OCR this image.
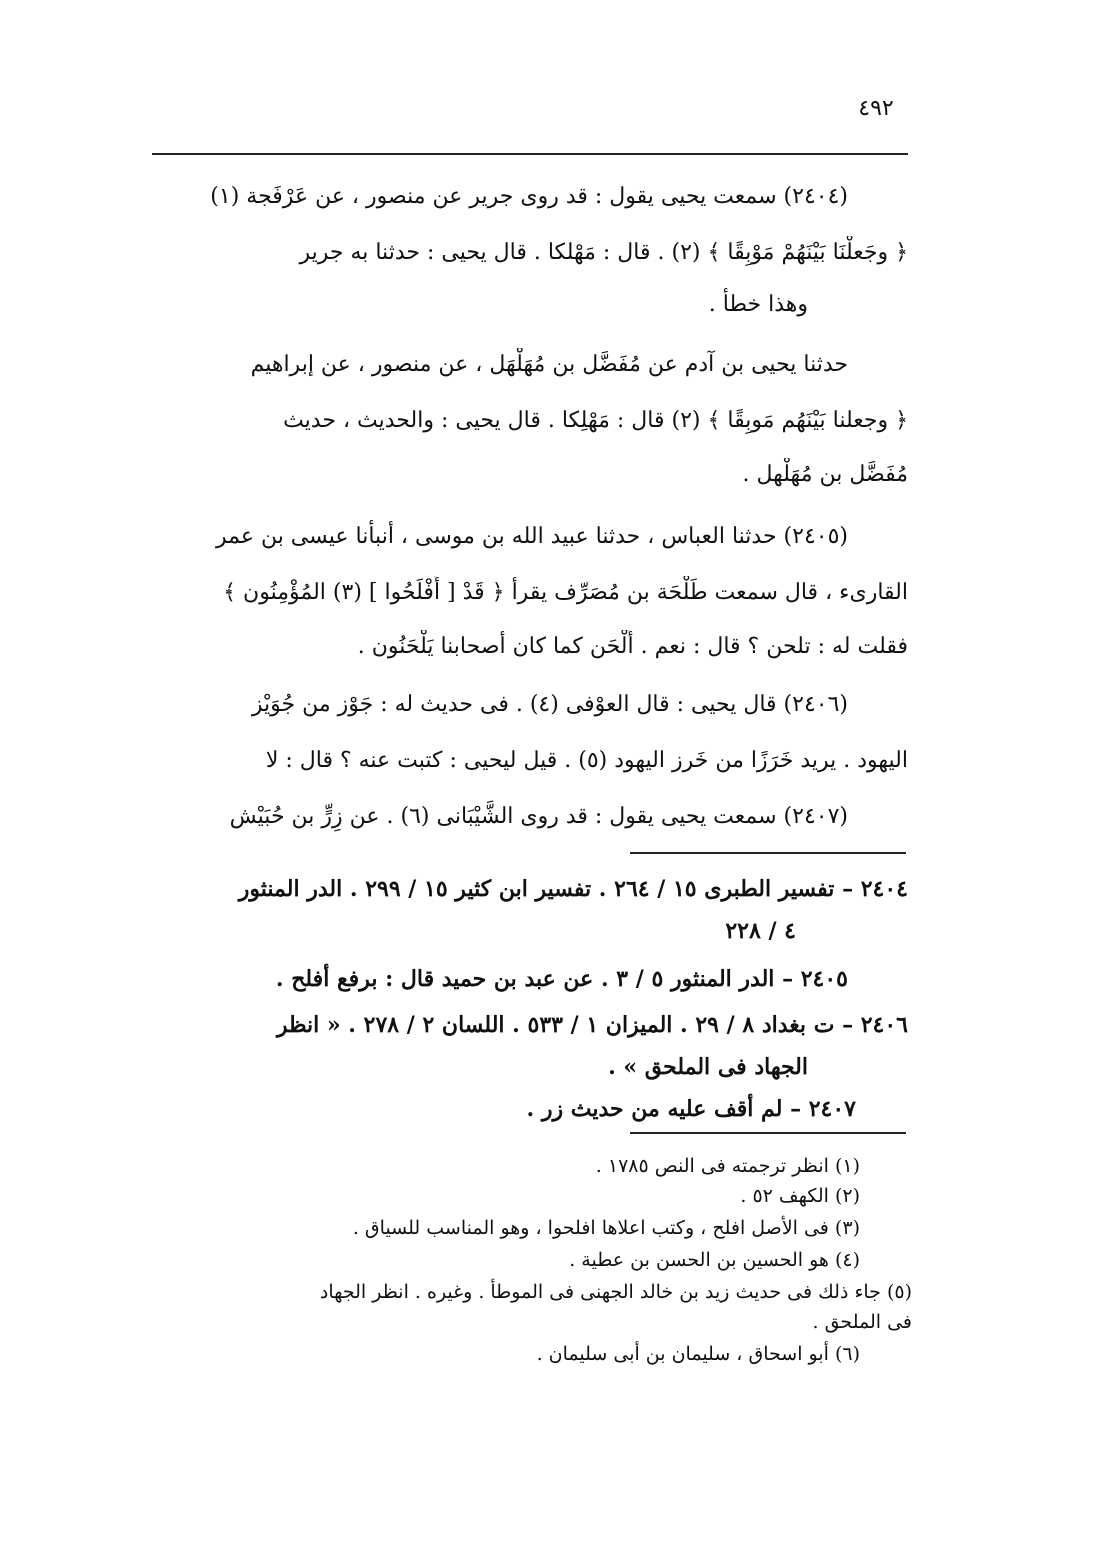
٤٩٢
(٢٤٠٤) سمعت يحيى يقول : قد روى جرير عن منصور ، عن عَرْفَجة (١)
﴿ وجَعلْنَا بَيْنَهُمْ مَوْبِقًا ﴾ (٢) . قال : مَهْلكا . قال يحيى : حدثنا به جرير
وهذا خطأ .
حدثنا يحيى بن آدم عن مُفَضَّل بن مُهَلْهَل ، عن منصور ، عن إبراهيم
﴿ وجعلنا بَيْنَهُم مَوبِقًا ﴾ (٢) قال : مَهْلِكا . قال يحيى : والحديث ، حديث
مُفَضَّل بن مُهَلْهل .
(٢٤٠٥) حدثنا العباس ، حدثنا عبيد الله بن موسى ، أنبأنا عيسى بن عمر
القارىء ، قال سمعت طَلْحَة بن مُصَرِّف يقرأ ﴿ قَدْ [ أَفْلَحُوا ] (٣) المُؤْمِنُون ﴾
فقلت له : تلحن ؟ قال : نعم . أَلْحَن كما كان أصحابنا يَلْحَنُون .
(٢٤٠٦) قال يحيى : قال العوْفى (٤) . فى حديث له : جَوْز من جُوَيْز
اليهود . يريد خَرَزًا من خَرز اليهود (٥) . قيل ليحيى : كتبت عنه ؟ قال : لا
(٢٤٠٧) سمعت يحيى يقول : قد روى الشَّيْبَانى (٦) . عن زِرٍّ بن حُبَيْش
٢٤٠٤ – تفسير الطبرى ١٥ / ٢٦٤ . تفسير ابن كثير ١٥ / ٢٩٩ . الدر المنثور
٤ / ٢٢٨
٢٤٠٥ – الدر المنثور ٥ / ٣ . عن عبد بن حميد قال : برفع أفلح .
٢٤٠٦ – ت بغداد ٨ / ٢٩ . الميزان ١ / ٥٣٣ . اللسان ٢ / ٢٧٨ . « انظر
الجهاد فى الملحق » .
٢٤٠٧ – لم أقف عليه من حديث زر .
(١) انظر ترجمته فى النص ١٧٨٥ .
(٢) الكهف ٥٢ .
(٣) فى الأصل افلح ، وكتب اعلاها افلحوا ، وهو المناسب للسياق .
(٤) هو الحسين بن الحسن بن عطية .
(٥) جاء ذلك فى حديث زيد بن خالد الجهنى فى الموطأ . وغيره . انظر الجهاد
فى الملحق .
(٦) أبو اسحاق ، سليمان بن أبى سليمان .
